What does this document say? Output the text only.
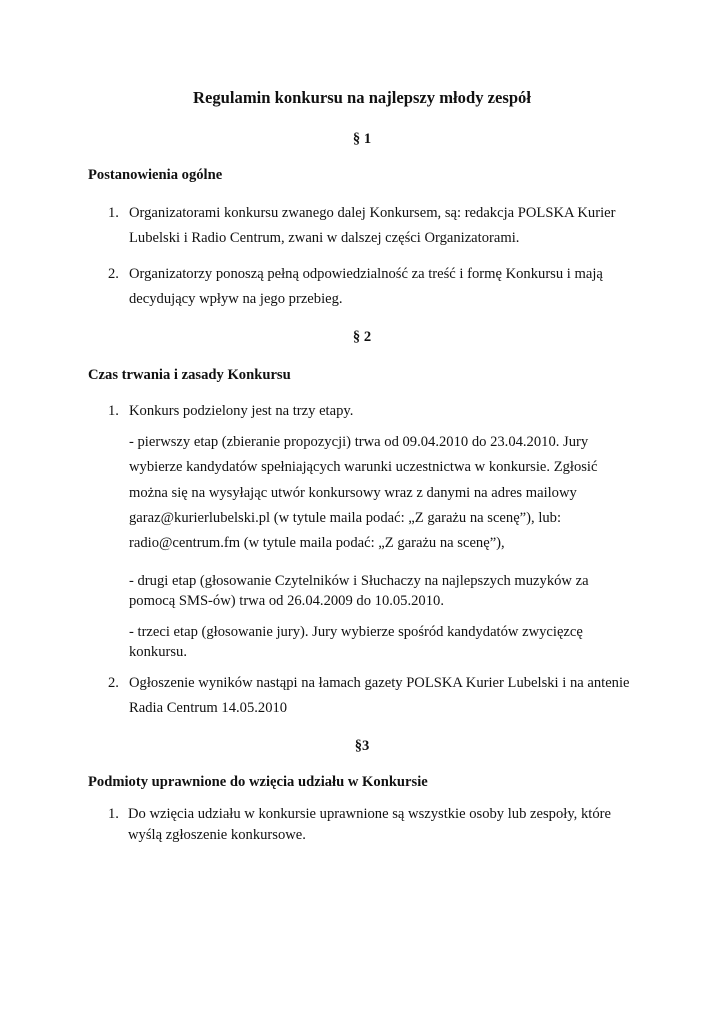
Regulamin konkursu na najlepszy młody zespół
§ 1
Postanowienia ogólne
1. Organizatorami konkursu zwanego dalej Konkursem, są: redakcja POLSKA Kurier
Lubelski i Radio Centrum, zwani w dalszej części Organizatorami.
2. Organizatorzy ponoszą pełną odpowiedzialność za treść i formę Konkursu i mają
decydujący wpływ na jego przebieg.
§ 2
Czas trwania i zasady Konkursu
1. Konkurs podzielony jest na trzy etapy.
- pierwszy etap (zbieranie propozycji) trwa od 09.04.2010 do 23.04.2010. Jury
wybierze kandydatów spełniających warunki uczestnictwa w konkursie. Zgłosić
można się na wysyłając utwór konkursowy wraz z danymi na adres mailowy
garaz@kurierlubelski.pl (w tytule maila podać: „Z garażu na scenę”), lub:
radio@centrum.fm (w tytule maila podać: „Z garażu na scenę”),
- drugi etap (głosowanie Czytelników i Słuchaczy na najlepszych muzyków za
pomocą SMS-ów) trwa od 26.04.2009 do 10.05.2010.
- trzeci etap (głosowanie jury). Jury wybierze spośród kandydatów zwycięzcę
konkursu.
2. Ogłoszenie wyników nastąpi na łamach gazety POLSKA Kurier Lubelski i na antenie
Radia Centrum 14.05.2010
§3
Podmioty uprawnione do wzięcia udziału w Konkursie
1. Do wzięcia udziału w konkursie uprawnione są wszystkie osoby lub zespoły, które
wyślą zgłoszenie konkursowe.
